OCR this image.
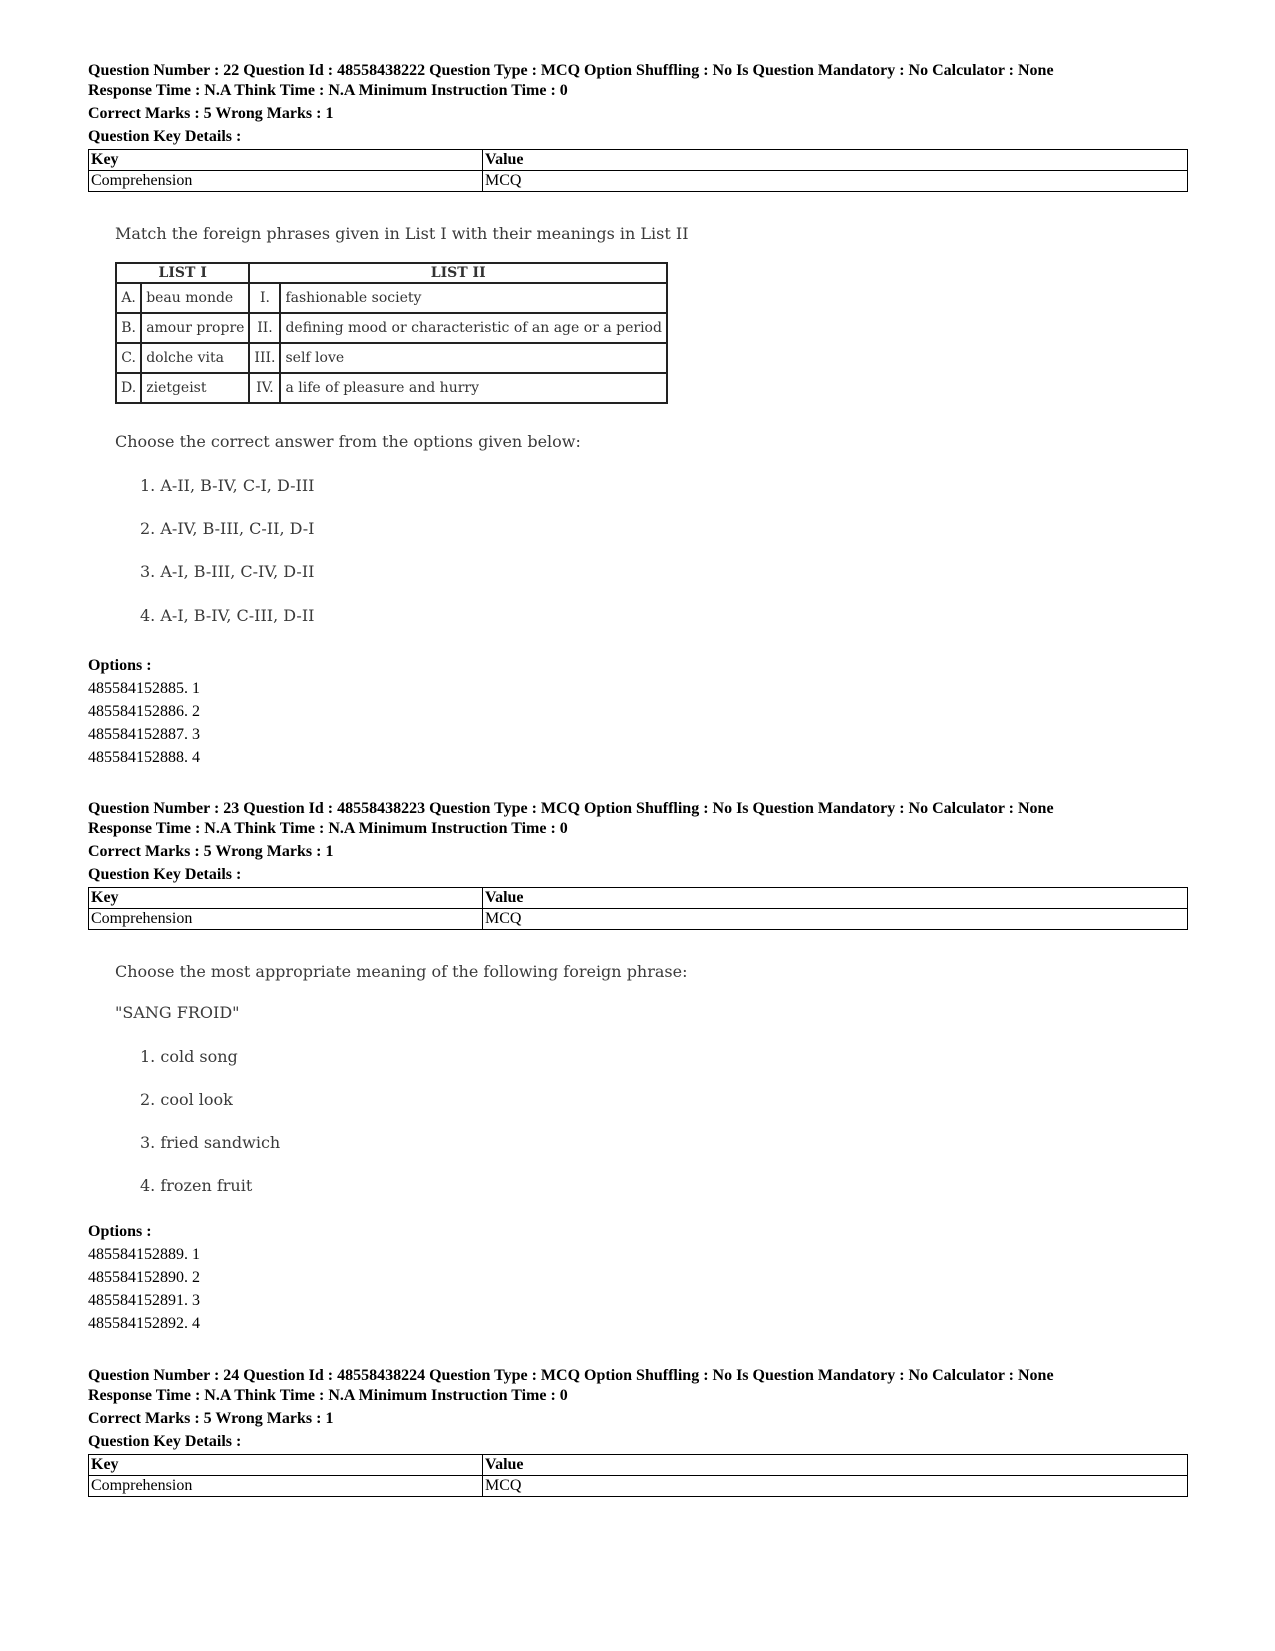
Question Number : 22 Question Id : 48558438222 Question Type : MCQ Option Shuffling : No Is Question Mandatory : No Calculator : None
Response Time : N.A Think Time : N.A Minimum Instruction Time : 0
Correct Marks : 5 Wrong Marks : 1
Question Key Details :
Key	Value
Comprehension	MCQ
Match the foreign phrases given in List I with their meanings in List II
LIST I		LIST II	
A.	beau monde	I.	fashionable society
B.	amour propre	II.	defining mood or characteristic of an age or a period
C.	dolche vita	III.	self love
D.	zietgeist	IV.	a life of pleasure and hurry
Choose the correct answer from the options given below:
1. A-II, B-IV, C-I, D-III
2. A-IV, B-III, C-II, D-I
3. A-I, B-III, C-IV, D-II
4. A-I, B-IV, C-III, D-II
Options :
485584152885. 1
485584152886. 2
485584152887. 3
485584152888. 4
Question Number : 23 Question Id : 48558438223 Question Type : MCQ Option Shuffling : No Is Question Mandatory : No Calculator : None
Response Time : N.A Think Time : N.A Minimum Instruction Time : 0
Correct Marks : 5 Wrong Marks : 1
Question Key Details :
Key	Value
Comprehension	MCQ
Choose the most appropriate meaning of the following foreign phrase:
"SANG FROID"
1. cold song
2. cool look
3. fried sandwich
4. frozen fruit
Options :
485584152889. 1
485584152890. 2
485584152891. 3
485584152892. 4
Question Number : 24 Question Id : 48558438224 Question Type : MCQ Option Shuffling : No Is Question Mandatory : No Calculator : None
Response Time : N.A Think Time : N.A Minimum Instruction Time : 0
Correct Marks : 5 Wrong Marks : 1
Question Key Details :
Key	Value
Comprehension	MCQ
